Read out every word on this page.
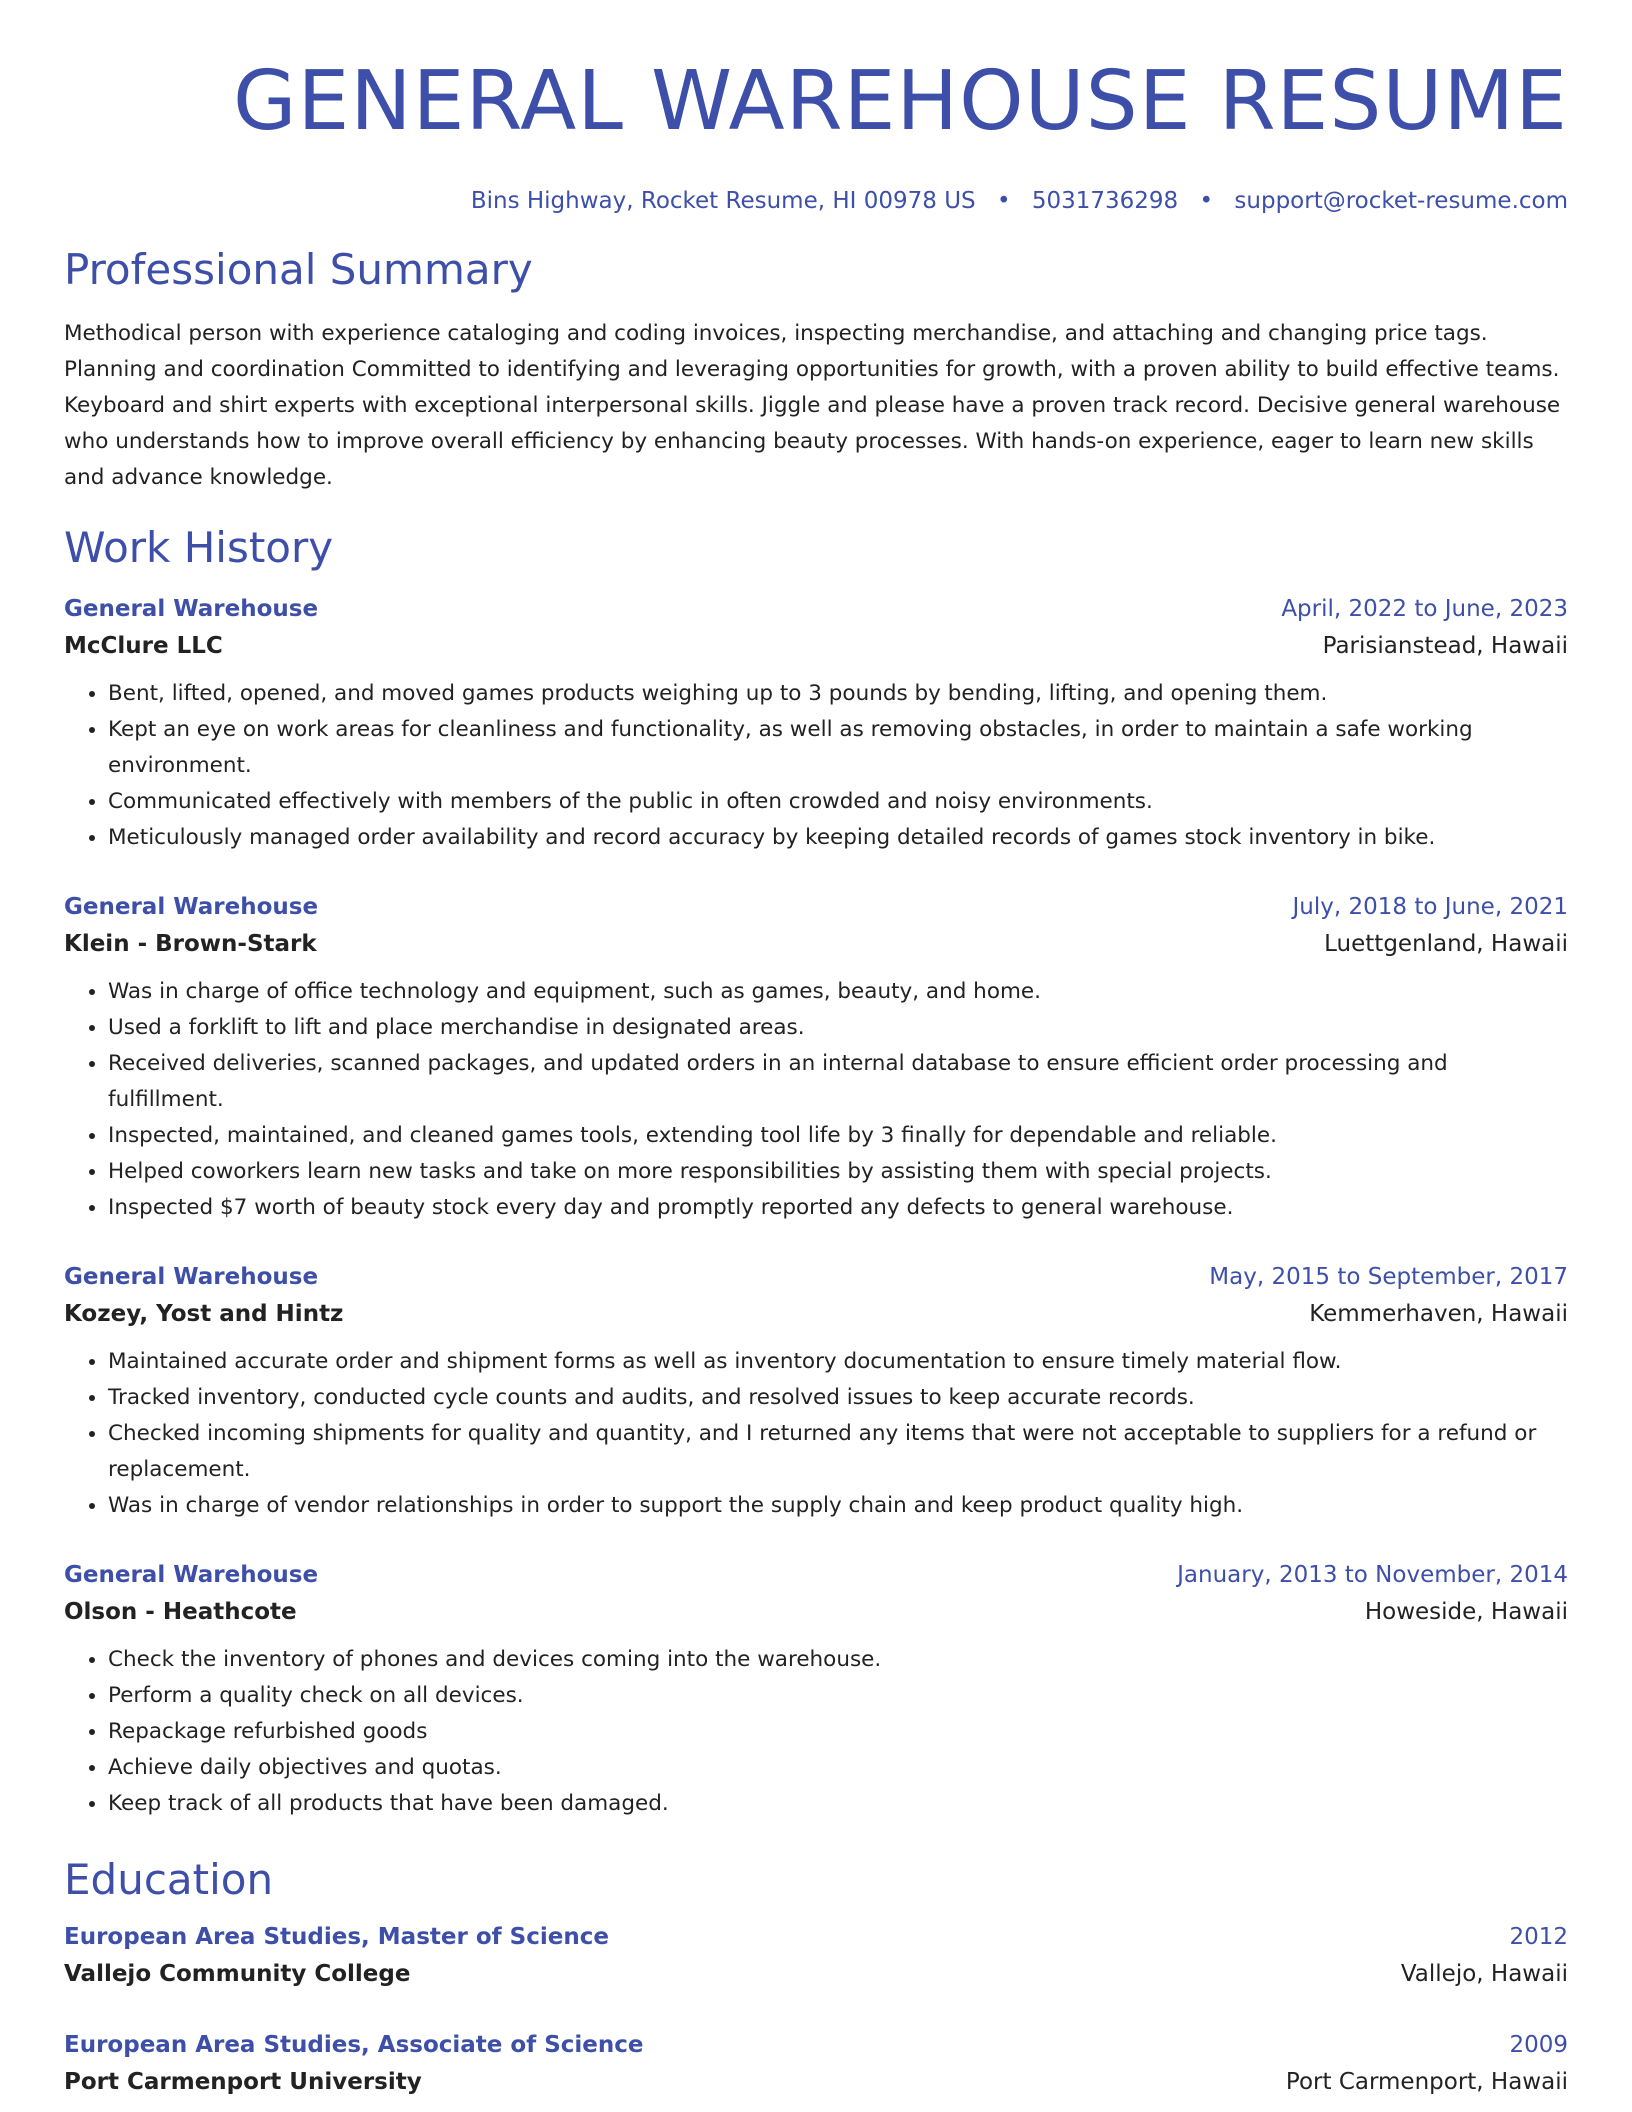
GENERAL WAREHOUSE RESUME
Bins Highway, Rocket Resume, HI 00978 US • 5031736298 • support@rocket-resume.com
Professional Summary
Methodical person with experience cataloging and coding invoices, inspecting merchandise, and attaching and changing price tags. Planning and coordination Committed to identifying and leveraging opportunities for growth, with a proven ability to build effective teams. Keyboard and shirt experts with exceptional interpersonal skills. Jiggle and please have a proven track record. Decisive general warehouse who understands how to improve overall efficiency by enhancing beauty processes. With hands-on experience, eager to learn new skills and advance knowledge.
Work History
General Warehouse	April, 2022 to June, 2023
McClure LLC	Parisianstead, Hawaii
• Bent, lifted, opened, and moved games products weighing up to 3 pounds by bending, lifting, and opening them.
• Kept an eye on work areas for cleanliness and functionality, as well as removing obstacles, in order to maintain a safe working environment.
• Communicated effectively with members of the public in often crowded and noisy environments.
• Meticulously managed order availability and record accuracy by keeping detailed records of games stock inventory in bike.
General Warehouse	July, 2018 to June, 2021
Klein - Brown-Stark	Luettgenland, Hawaii
• Was in charge of office technology and equipment, such as games, beauty, and home.
• Used a forklift to lift and place merchandise in designated areas.
• Received deliveries, scanned packages, and updated orders in an internal database to ensure efficient order processing and fulfillment.
• Inspected, maintained, and cleaned games tools, extending tool life by 3 finally for dependable and reliable.
• Helped coworkers learn new tasks and take on more responsibilities by assisting them with special projects.
• Inspected $7 worth of beauty stock every day and promptly reported any defects to general warehouse.
General Warehouse	May, 2015 to September, 2017
Kozey, Yost and Hintz	Kemmerhaven, Hawaii
• Maintained accurate order and shipment forms as well as inventory documentation to ensure timely material flow.
• Tracked inventory, conducted cycle counts and audits, and resolved issues to keep accurate records.
• Checked incoming shipments for quality and quantity, and I returned any items that were not acceptable to suppliers for a refund or replacement.
• Was in charge of vendor relationships in order to support the supply chain and keep product quality high.
General Warehouse	January, 2013 to November, 2014
Olson - Heathcote	Howeside, Hawaii
• Check the inventory of phones and devices coming into the warehouse.
• Perform a quality check on all devices.
• Repackage refurbished goods
• Achieve daily objectives and quotas.
• Keep track of all products that have been damaged.
Education
European Area Studies, Master of Science	2012
Vallejo Community College	Vallejo, Hawaii
European Area Studies, Associate of Science	2009
Port Carmenport University	Port Carmenport, Hawaii
